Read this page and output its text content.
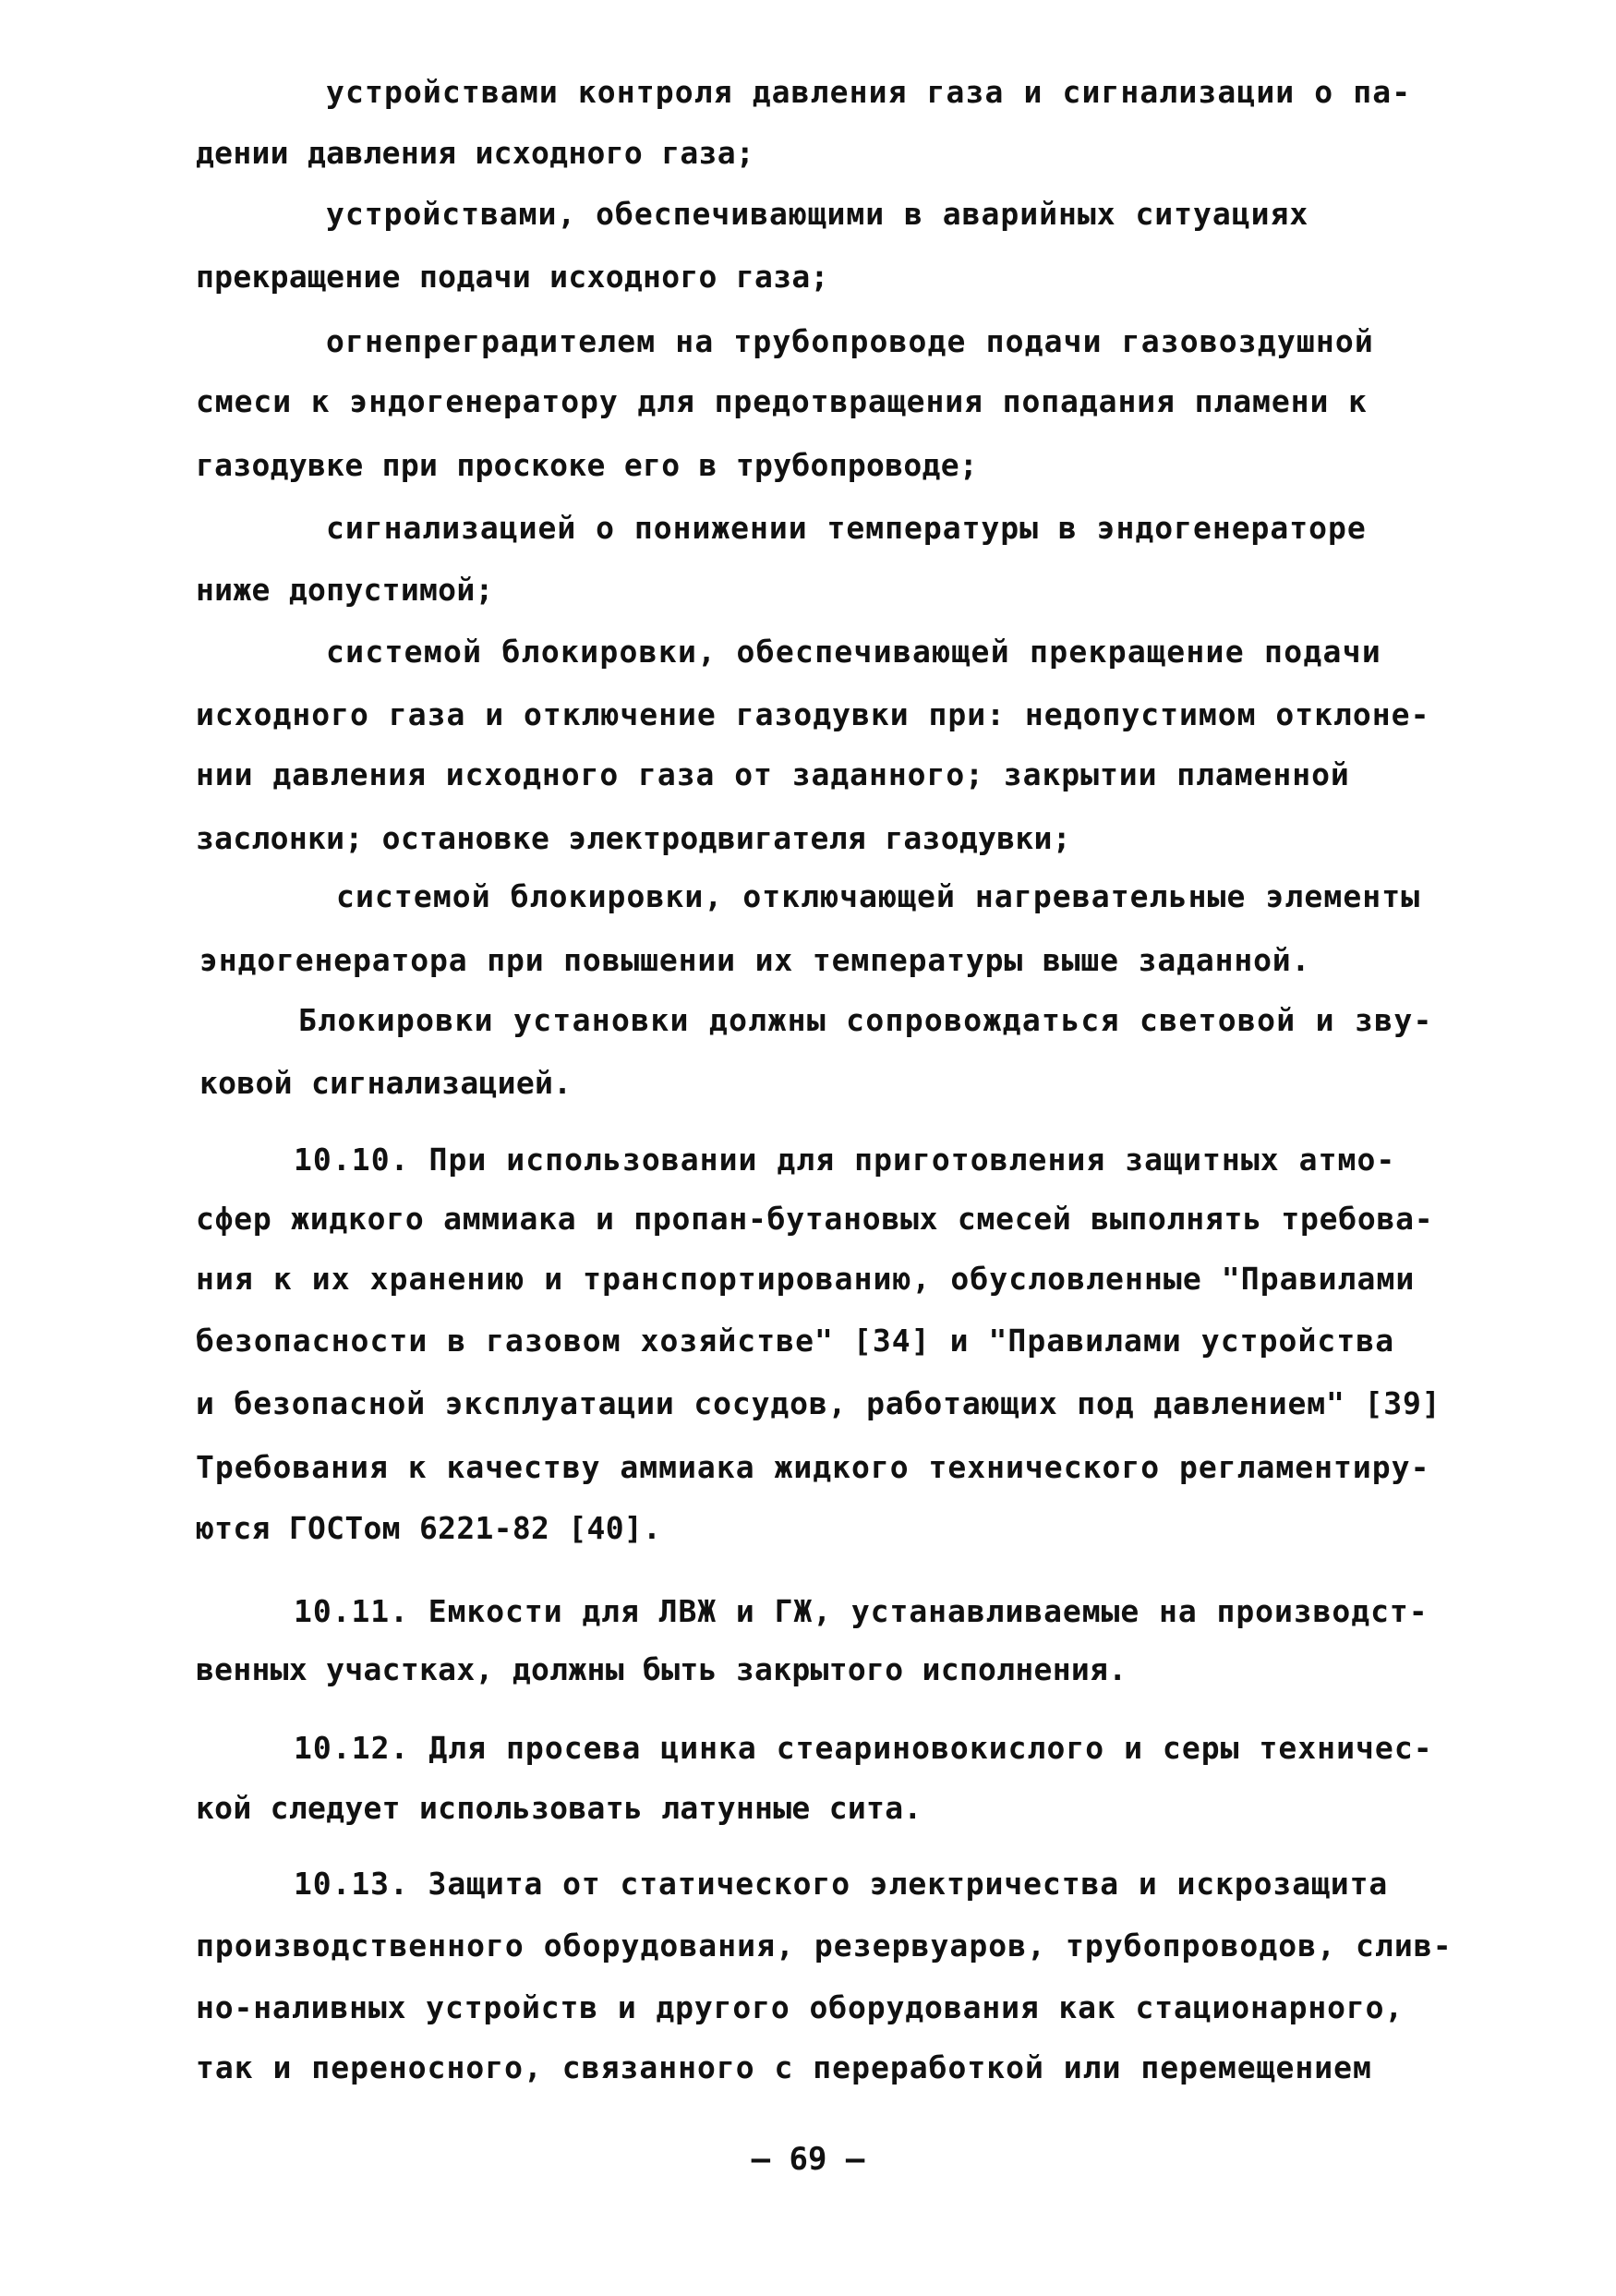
устройствами контроля давления газа и сигнализации о па-
дении давления исходного газа;
устройствами, обеспечивающими в аварийных ситуациях
прекращение подачи исходного газа;
огнепреградителем на трубопроводе подачи газовоздушной
смеси к эндогенератору для предотвращения попадания пламени к
газодувке при проскоке его в трубопроводе;
сигнализацией о понижении температуры в эндогенераторе
ниже допустимой;
системой блокировки, обеспечивающей прекращение подачи
исходного газа и отключение газодувки при: недопустимом отклоне-
нии давления исходного газа от заданного; закрытии пламенной
заслонки; остановке электродвигателя газодувки;
системой блокировки, отключающей нагревательные элементы
эндогенератора при повышении их температуры выше заданной.
Блокировки установки должны сопровождаться световой и зву-
ковой сигнализацией.
10.10. При использовании для приготовления защитных атмо-
сфер жидкого аммиака и пропан-бутановых смесей выполнять требова-
ния к их хранению и транспортированию, обусловленные "Правилами
безопасности в газовом хозяйстве" [34] и "Правилами устройства
и безопасной эксплуатации сосудов, работающих под давлением" [39]
Требования к качеству аммиака жидкого технического регламентиру-
ются ГОСТом 6221-82 [40].
10.11. Емкости для ЛВЖ и ГЖ, устанавливаемые на производст-
венных участках, должны быть закрытого исполнения.
10.12. Для просева цинка стеариновокислого и серы техничес-
кой следует использовать латунные сита.
10.13. Защита от статического электричества и искрозащита
производственного оборудования, резервуаров, трубопроводов, слив-
но-наливных устройств и другого оборудования как стационарного,
так и переносного, связанного с переработкой или перемещением
— 69 —
